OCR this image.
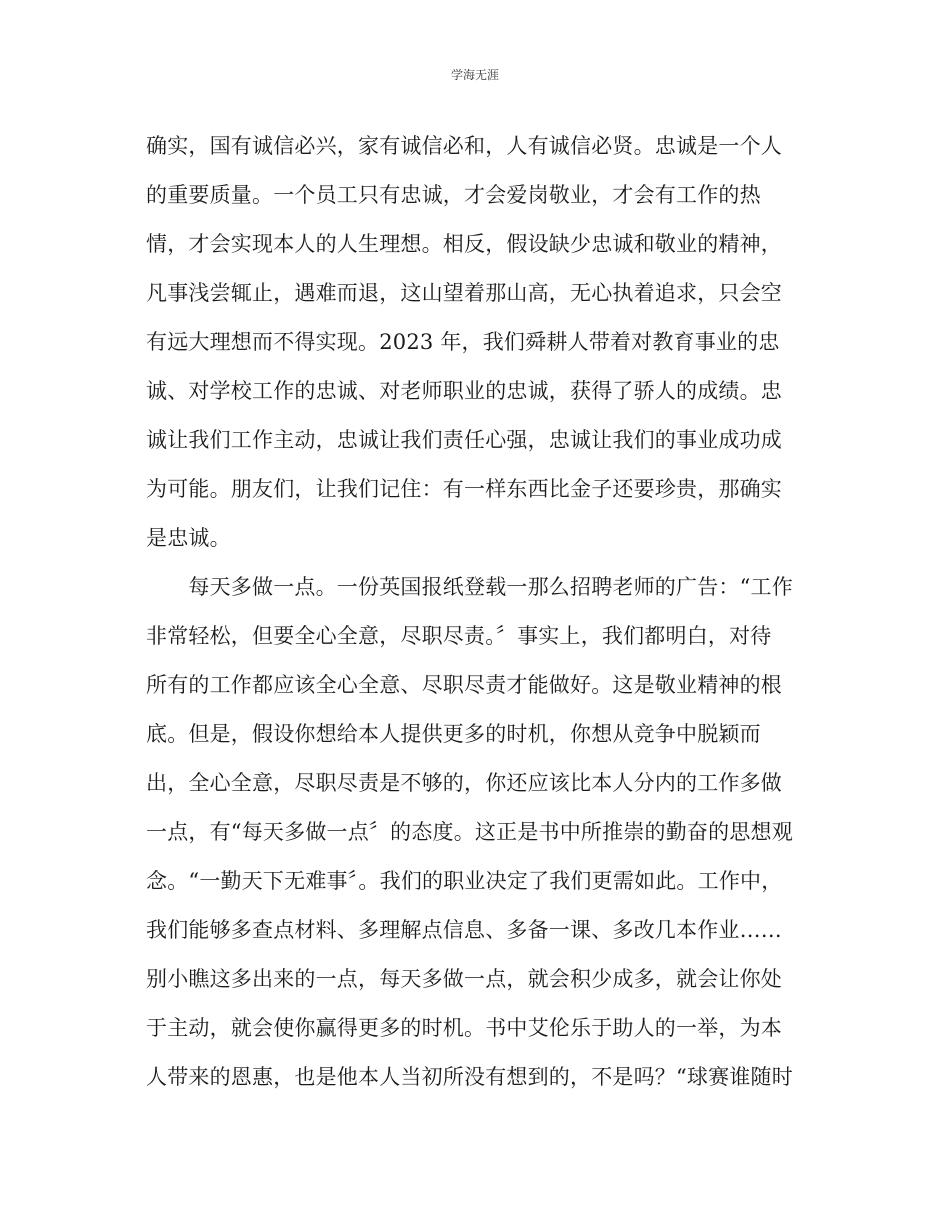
学海无涯
确实，国有诚信必兴，家有诚信必和，人有诚信必贤。忠诚是一个人
的重要质量。一个员工只有忠诚，才会爱岗敬业，才会有工作的热
情，才会实现本人的人生理想。相反，假设缺少忠诚和敬业的精神，
凡事浅尝辄止，遇难而退，这山望着那山高，无心执着追求，只会空
有远大理想而不得实现。2023 年，我们舜耕人带着对教育事业的忠
诚、对学校工作的忠诚、对老师职业的忠诚，获得了骄人的成绩。忠
诚让我们工作主动，忠诚让我们责任心强，忠诚让我们的事业成功成
为可能。朋友们，让我们记住：有一样东西比金子还要珍贵，那确实
是忠诚。
　　每天多做一点。一份英国报纸登载一那么招聘老师的广告：“工作
非常轻松，但要全心全意，尽职尽责。〞事实上，我们都明白，对待
所有的工作都应该全心全意、尽职尽责才能做好。这是敬业精神的根
底。但是，假设你想给本人提供更多的时机，你想从竞争中脱颖而
出，全心全意，尽职尽责是不够的，你还应该比本人分内的工作多做
一点，有“每天多做一点〞的态度。这正是书中所推崇的勤奋的思想观
念。“一勤天下无难事〞。我们的职业决定了我们更需如此。工作中，
我们能够多查点材料、多理解点信息、多备一课、多改几本作业……
别小瞧这多出来的一点，每天多做一点，就会积少成多，就会让你处
于主动，就会使你赢得更多的时机。书中艾伦乐于助人的一举，为本
人带来的恩惠，也是他本人当初所没有想到的，不是吗？“球赛谁随时
